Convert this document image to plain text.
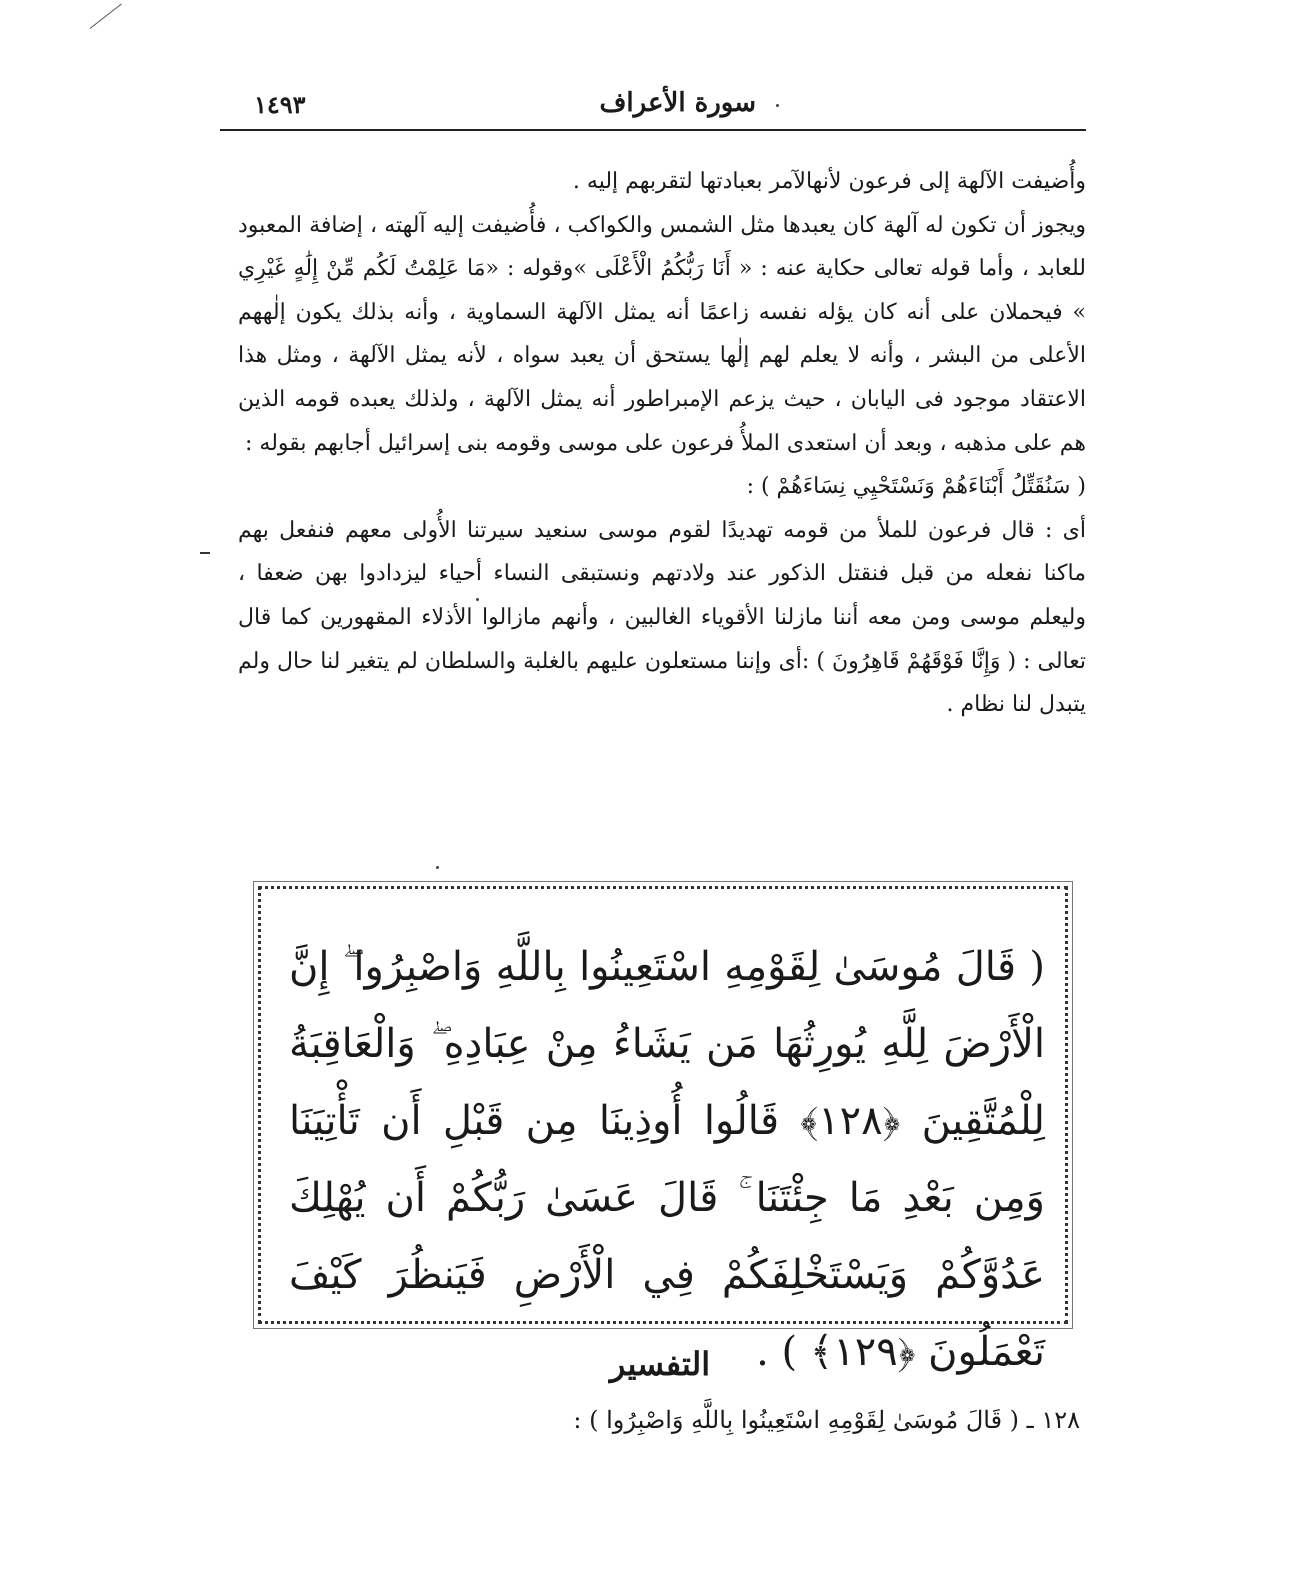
سورة الأعراف
١٤٩٣

وأُضيفت الآلهة إلى فرعون لأنهالآمر بعبادتها لتقربهم إليه .

ويجوز أن تكون له آلهة كان يعبدها مثل الشمس والكواكب ، فأُضيفت إليه آلهته ، إضافة المعبود للعابد ، وأما قوله تعالى حكاية عنه : « أَنَا رَبُّكُمُ الْأَعْلَى »وقوله : «مَا عَلِمْتُ لَكُم مِّنْ إِلَٰهٍ غَيْرِي » فيحملان على أنه كان يؤله نفسه زاعمًا أنه يمثل الآلهة السماوية ، وأنه بذلك يكون إلٰههم الأعلى من البشر ، وأنه لا يعلم لهم إلٰها يستحق أن يعبد سواه ، لأنه يمثل الآلهة ، ومثل هذا الاعتقاد موجود فى اليابان ، حيث يزعم الإمبراطور أنه يمثل الآلهة ، ولذلك يعبده قومه الذين هم على مذهبه ، وبعد أن استعدى الملأُ فرعون على موسى وقومه بنى إسرائيل أجابهم بقوله :

( سَنُقَتِّلُ أَبْنَاءَهُمْ وَنَسْتَحْيِي نِسَاءَهُمْ ) :

أى : قال فرعون للملأ من قومه تهديدًا لقوم موسى سنعيد سيرتنا الأُولى معهم فنفعل بهم ماكنا نفعله من قبل فنقتل الذكور عند ولادتهم ونستبقى النساء أحياء ليزدادوا بهن ضعفا ، وليعلم موسى ومن معه أننا مازلنا الأقوياء الغالبين ، وأنهم مازالوا الأذلاء المقهورين كما قال تعالى : ( وَإِنَّا فَوْقَهُمْ قَاهِرُونَ ) :أى وإننا مستعلون عليهم بالغلبة والسلطان لم يتغير لنا حال ولم يتبدل لنا نظام .

( قَالَ مُوسَىٰ لِقَوْمِهِ اسْتَعِينُوا بِاللَّهِ وَاصْبِرُوا ۖ إِنَّ الْأَرْضَ لِلَّهِ يُورِثُهَا مَن يَشَاءُ مِنْ عِبَادِهِ ۖ وَالْعَاقِبَةُ لِلْمُتَّقِينَ ﴿١٢٨﴾ قَالُوا أُوذِينَا مِن قَبْلِ أَن تَأْتِيَنَا وَمِن بَعْدِ مَا جِئْتَنَا ۚ قَالَ عَسَىٰ رَبُّكُمْ أَن يُهْلِكَ عَدُوَّكُمْ وَيَسْتَخْلِفَكُمْ فِي الْأَرْضِ فَيَنظُرَ كَيْفَ تَعْمَلُونَ ﴿١٢٩﴾ ) .
التفسير
١٢٨ ـ ( قَالَ مُوسَىٰ لِقَوْمِهِ اسْتَعِينُوا بِاللَّهِ وَاصْبِرُوا ) :
